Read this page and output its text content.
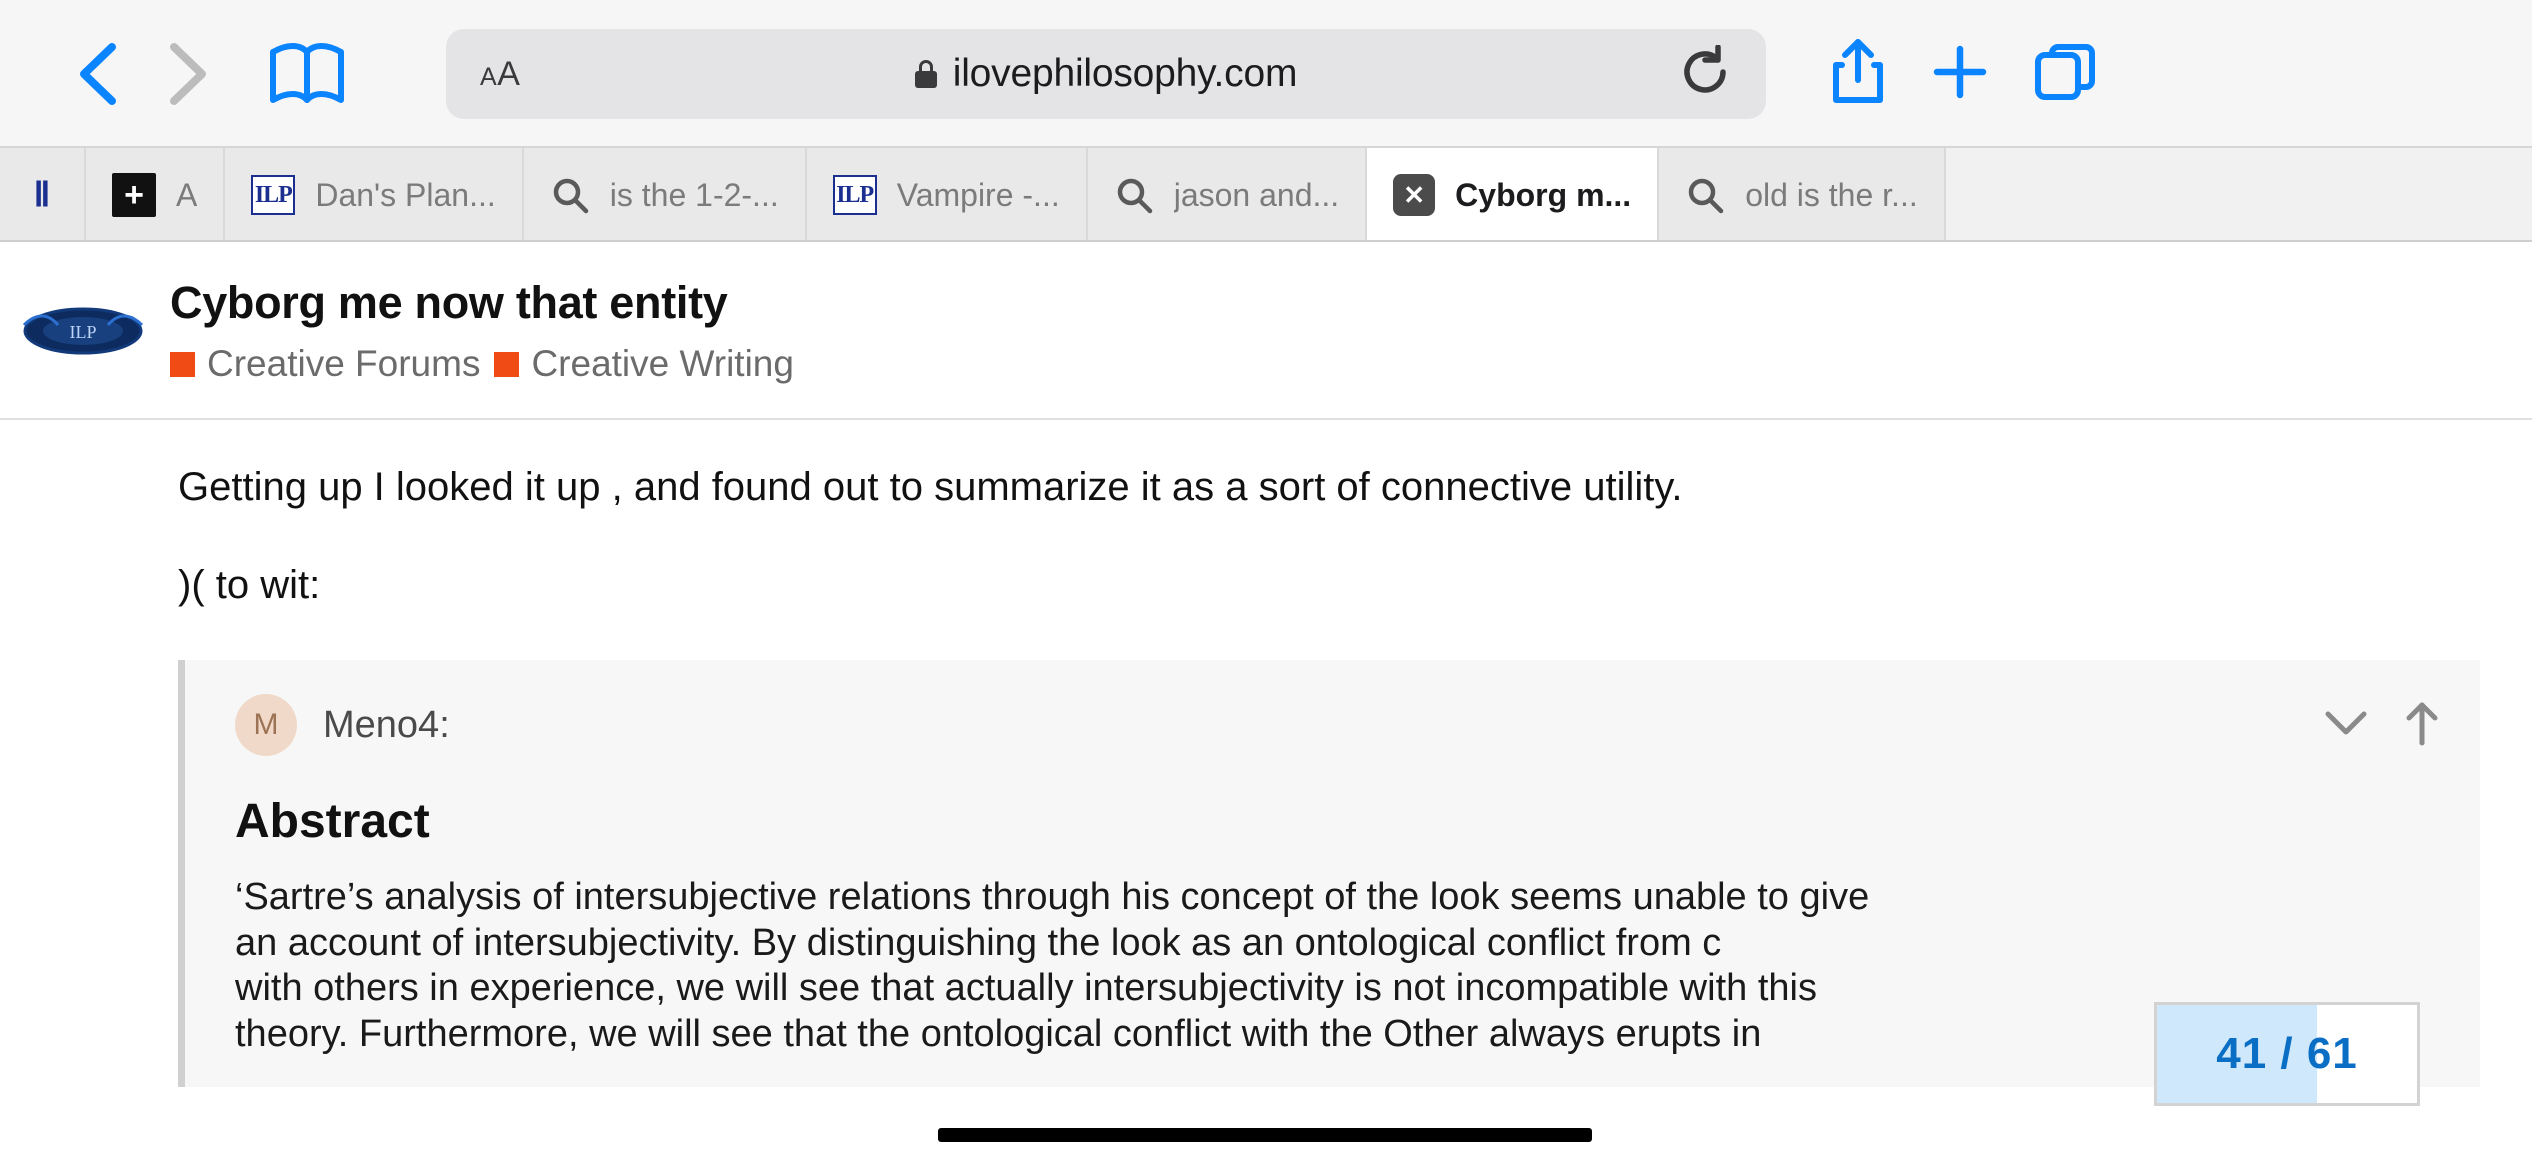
AA	ilovephilosophy.com
Ⅱ	+	A ILP Dan's Plan...	is the 1-2-... ILP Vampire -...	jason and...	✕ Cyborg m...	old is the r...
ILP
Cyborg me now that entity
Creative Forums Creative Writing
Getting up I looked it up , and found out to summarize it as a sort of connective utility.
)( to wit:
M	Meno4:
Abstract
‘Sartre’s analysis of intersubjective relations through his concept of the look seems unable to give
an account of intersubjectivity. By distinguishing the look as an ontological conflict from c
with others in experience, we will see that actually intersubjectivity is not incompatible with this
theory. Furthermore, we will see that the ontological conflict with the Other always erupts in	41 / 61
